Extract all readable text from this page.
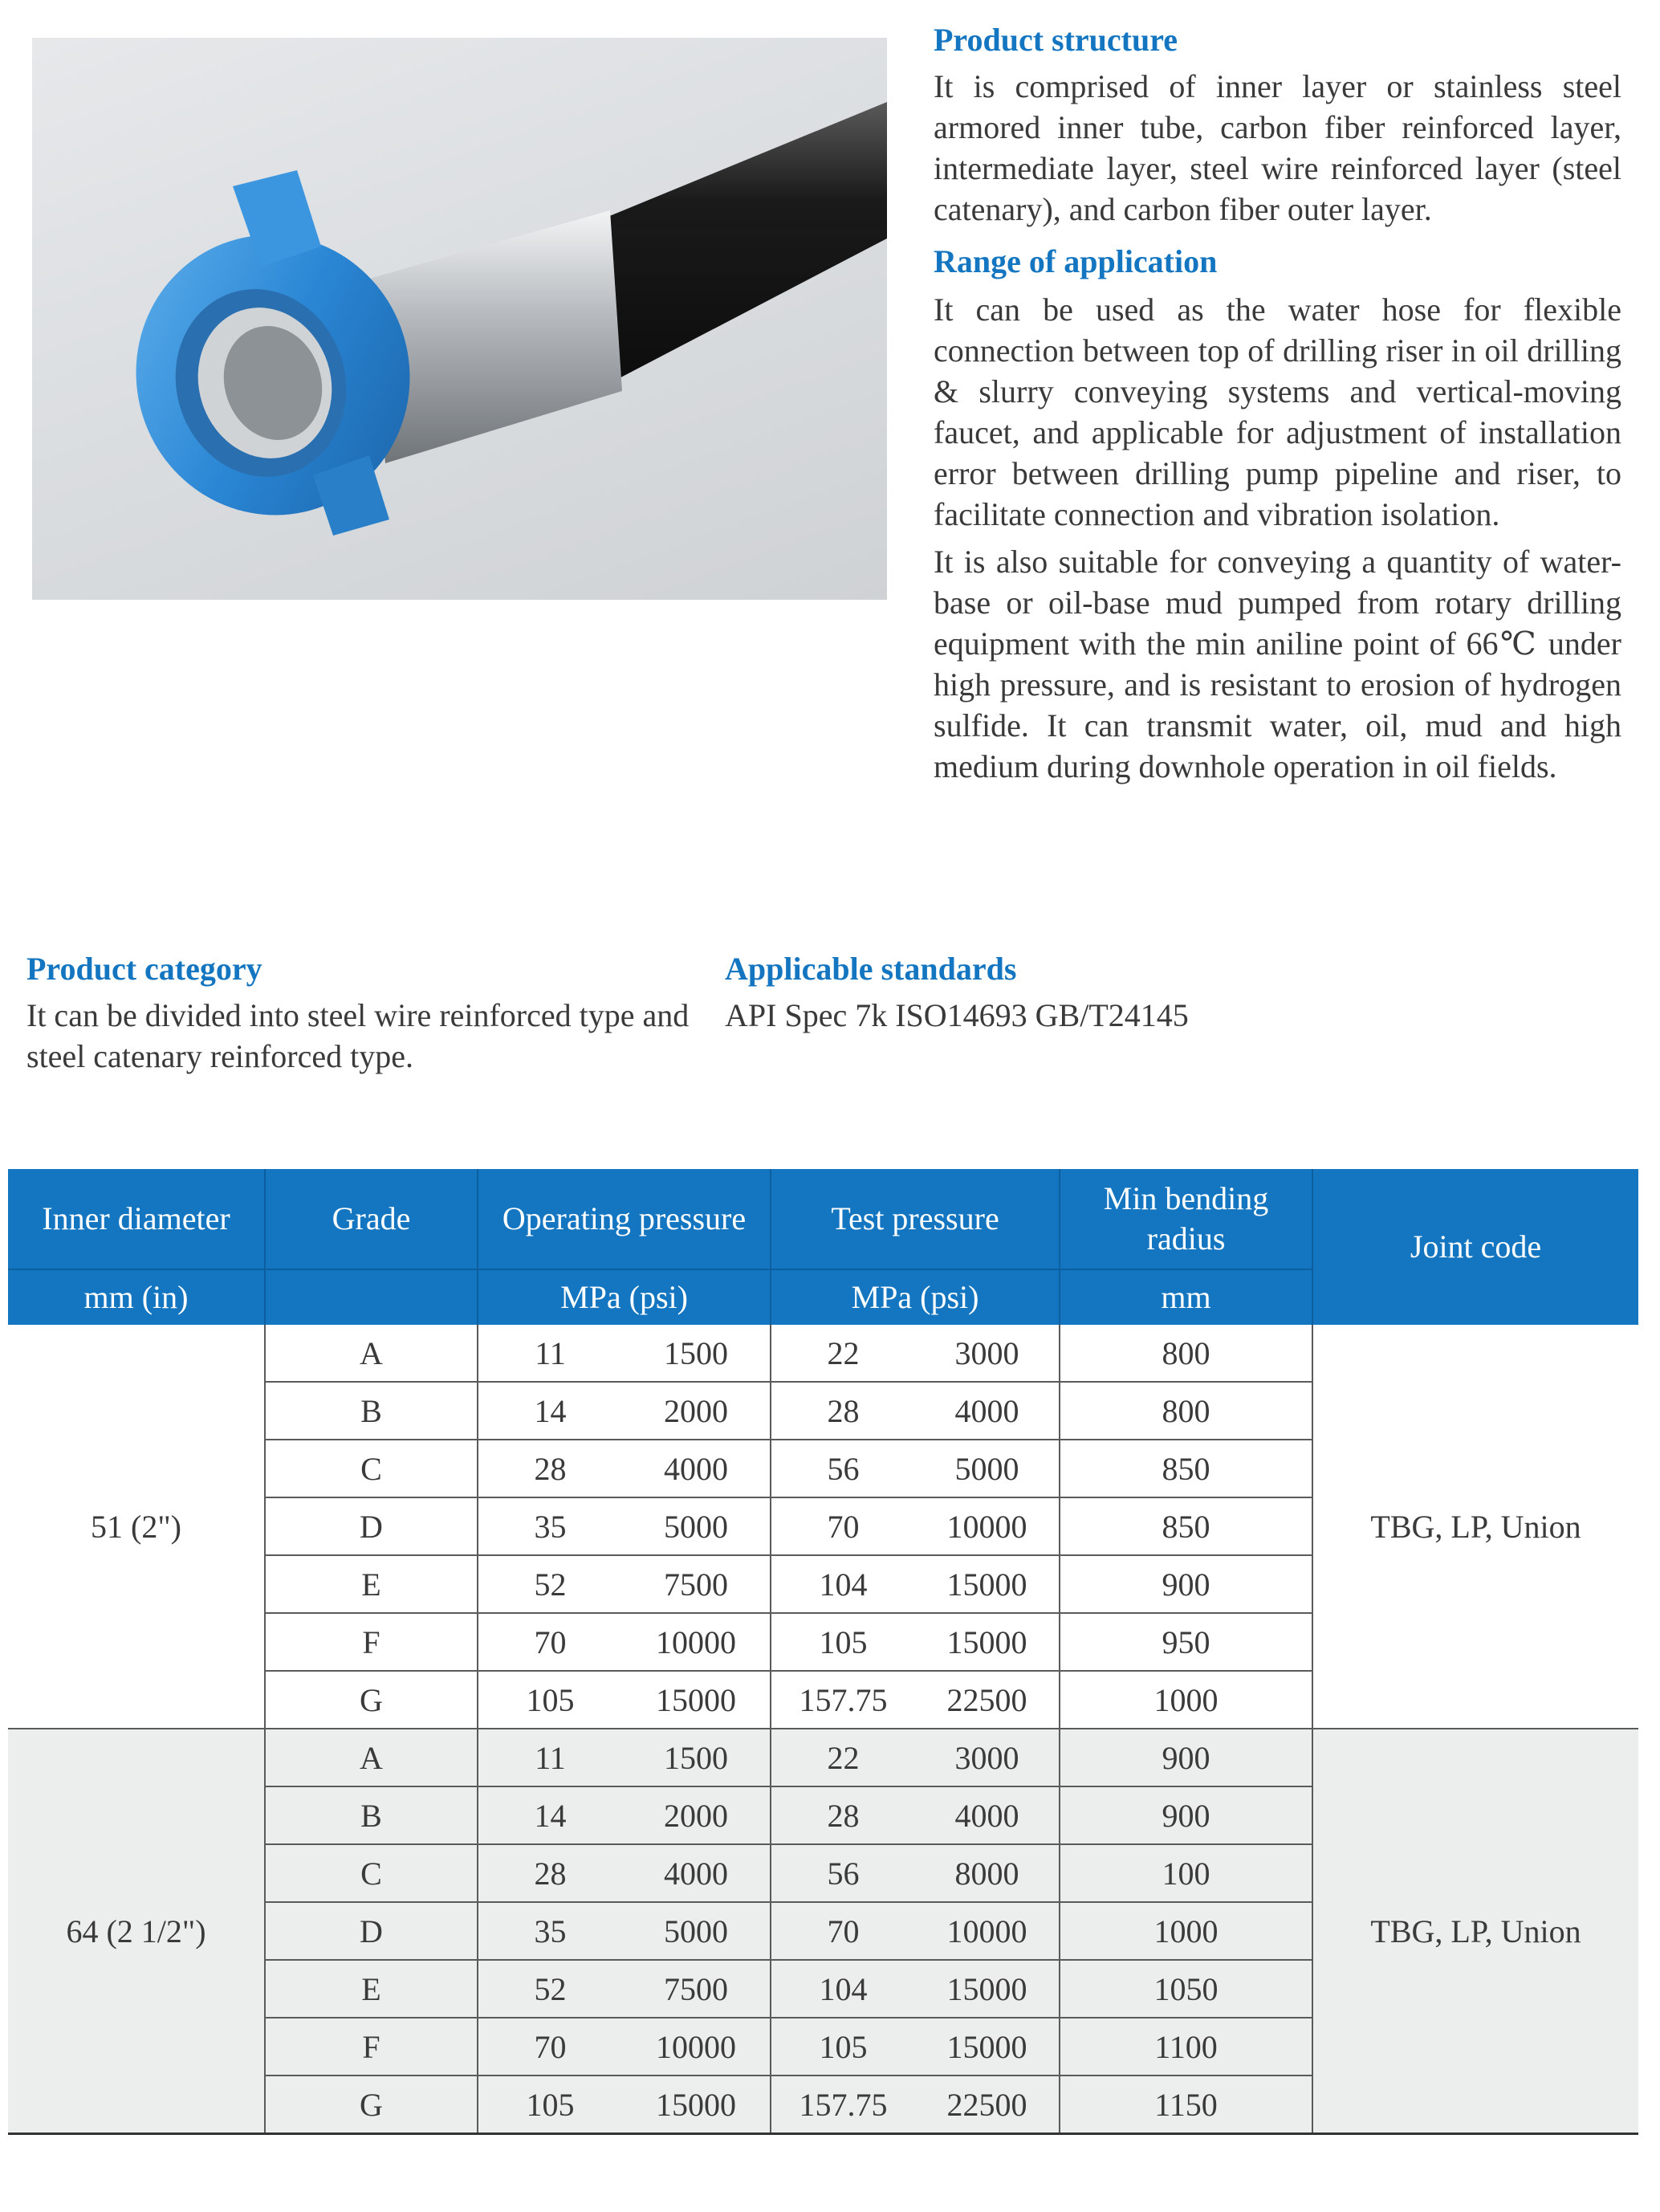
Product structure

It is comprised of inner layer or stainless steel armored inner tube, carbon fiber reinforced layer, intermediate layer, steel wire reinforced layer (steel catenary), and carbon fiber outer layer.

Range of application

It can be used as the water hose for flexible connection between top of drilling riser in oil drilling & slurry conveying systems and vertical-moving faucet, and applicable for adjustment of installation error between drilling pump pipeline and riser, to facilitate connection and vibration isolation.

It is also suitable for conveying a quantity of water-base or oil-base mud pumped from rotary drilling equipment with the min aniline point of 66℃ under high pressure, and is resistant to erosion of hydrogen sulfide. It can transmit water, oil, mud and high medium during downhole operation in oil fields.

Product category

It can be divided into steel wire reinforced type and steel catenary reinforced type.

Applicable standards

API Spec 7k ISO14693 GB/T24145

Inner diameter	Grade	Operating pressure		Test pressure		Min bending radius	Joint code
mm (in)		MPa (psi)		MPa (psi)		mm	
51 (2")	A	11	1500	22	3000	800	TBG, LP, Union
	B	14	2000	28	4000	800	
	C	28	4000	56	5000	850	
	D	35	5000	70	10000	850	
	E	52	7500	104	15000	900	
	F	70	10000	105	15000	950	
	G	105	15000	157.75	22500	1000	
64 (2 1/2")	A	11	1500	22	3000	900	TBG, LP, Union
	B	14	2000	28	4000	900	
	C	28	4000	56	8000	100	
	D	35	5000	70	10000	1000	
	E	52	7500	104	15000	1050	
	F	70	10000	105	15000	1100	
	G	105	15000	157.75	22500	1150	
